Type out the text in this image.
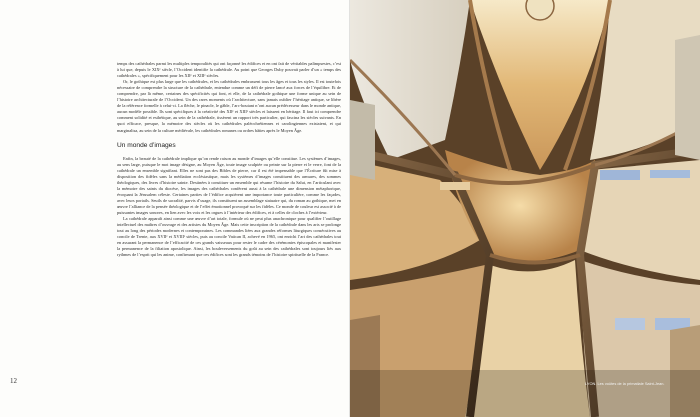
temps des cathédrales parmi les multiples temporalités qui ont façonné les édifices et en ont fait de véritables palimpsestes, c’est à lui que, depuis le XIXᵉ siècle, l’Occident identifie la cathédrale. Au point que Georges Duby pouvait parler d’un « temps des cathédrales », spécifiquement pour les XIIᵉ et XIIIᵉ siècles.

Or, le gothique est plus large que les cathédrales, et les cathédrales embrassent tous les âges et tous les styles. Il est toutefois nécessaire de comprendre la structure de la cathédrale, entendue comme un défi de pierre lancé aux forces de l’équilibre. Et de comprendre, par là même, certaines des spécificités qui font, et elle, de la cathédrale gothique une forme unique au sein de l’histoire architecturale de l’Occident. Un des rares moments où l’architecture, sans jamais oublier l’héritage antique, se libère de la référence formelle à celui-ci. La flèche, le pinacle, le gâble, l’arc-boutant n’ont aucun prédécesseur dans le monde antique, aucun modèle possible. Ils sont spécifiques à la créativité des XIIᵉ et XIIIᵉ siècles et laissent en héritage. Il faut ici comprendre comment solidité et esthétique, au sein de la cathédrale, tissèrent un rapport très particulier, qui fascina les siècles suivants. En quoi efficace, presque, la mémoire des siècles où les cathédrales paléochrétiennes et carolingiennes existaient, et qui marginalisa, au sein de la culture médiévale, les cathédrales romanes ou ordres bâties après le Moyen Âge.

Un monde d’images

Enfin, la beauté de la cathédrale implique qu’on rende raison au monde d’images qu’elle constitue. Les systèmes d’images, au sens large, puisque le mot image désigne, au Moyen Âge, toute image sculptée ou peinte sur la pierre et le verre, font de la cathédrale un ensemble signifiant. Elles ne sont pas des Bibles de pierre, car il est été impensable que l’Écriture fût mise à disposition des fidèles sans la médiation ecclésiastique, mais les systèmes d’images constituent des armures, des sommes théologiques, des livres d’histoire sainte. Destinées à constituer un ensemble qui résume l’histoire du Salut, en l’articulant avec la mémoire des saints du diocèse, les images des cathédrales confèrent aussi à la cathédrale une dimension métaphorique, évoquant la Jérusalem céleste. Certaines parties de l’édifice acquièrent une importance toute particulière, comme les façades, avec leurs portails. Seuils de sacralité, parvis d’usage, ils constituent un assemblage statuaire qui, du roman au gothique, met en œuvre l’alliance de la pensée théologique et de l’effet émotionnel provoqué sur les fidèles. Ce monde de couleur est associé à de puissantes images sonores, en lien avec les voix et les orgues à l’intérieur des édifices, et à celles de cloches à l’extérieur.

La cathédrale apparaît ainsi comme une œuvre d’art totale, formule où ne peut plus anachronique pour qualifier l’outillage intellectuel des maîtres d’ouvrage et des artistes du Moyen Âge. Mais cette inscription de la cathédrale dans les arts se prolonge tout au long des périodes modernes et contemporaines. Les commandes liées aux grandes réformes liturgiques consécutives au concile de Trente, aux XVIIᵉ et XVIIIᵉ siècles, puis au concile Vatican II, achevé en 1965, ont enrichi l’art des cathédrales tout en assurant la permanence de l’efficacité de ces grands vaisseaux pour rester le cadre des cérémonies épiscopales et manifester la permanence de la filiation apostolique. Ainsi, les bouleversements du goût au sein des cathédrales sont toujours liés aux rythmes de l’esprit qui les anime, confirmant que ces édifices sont les grands témoins de l’histoire spirituelle de la France.

12	LYON. Les voûtes de la primatiale Saint-Jean.
